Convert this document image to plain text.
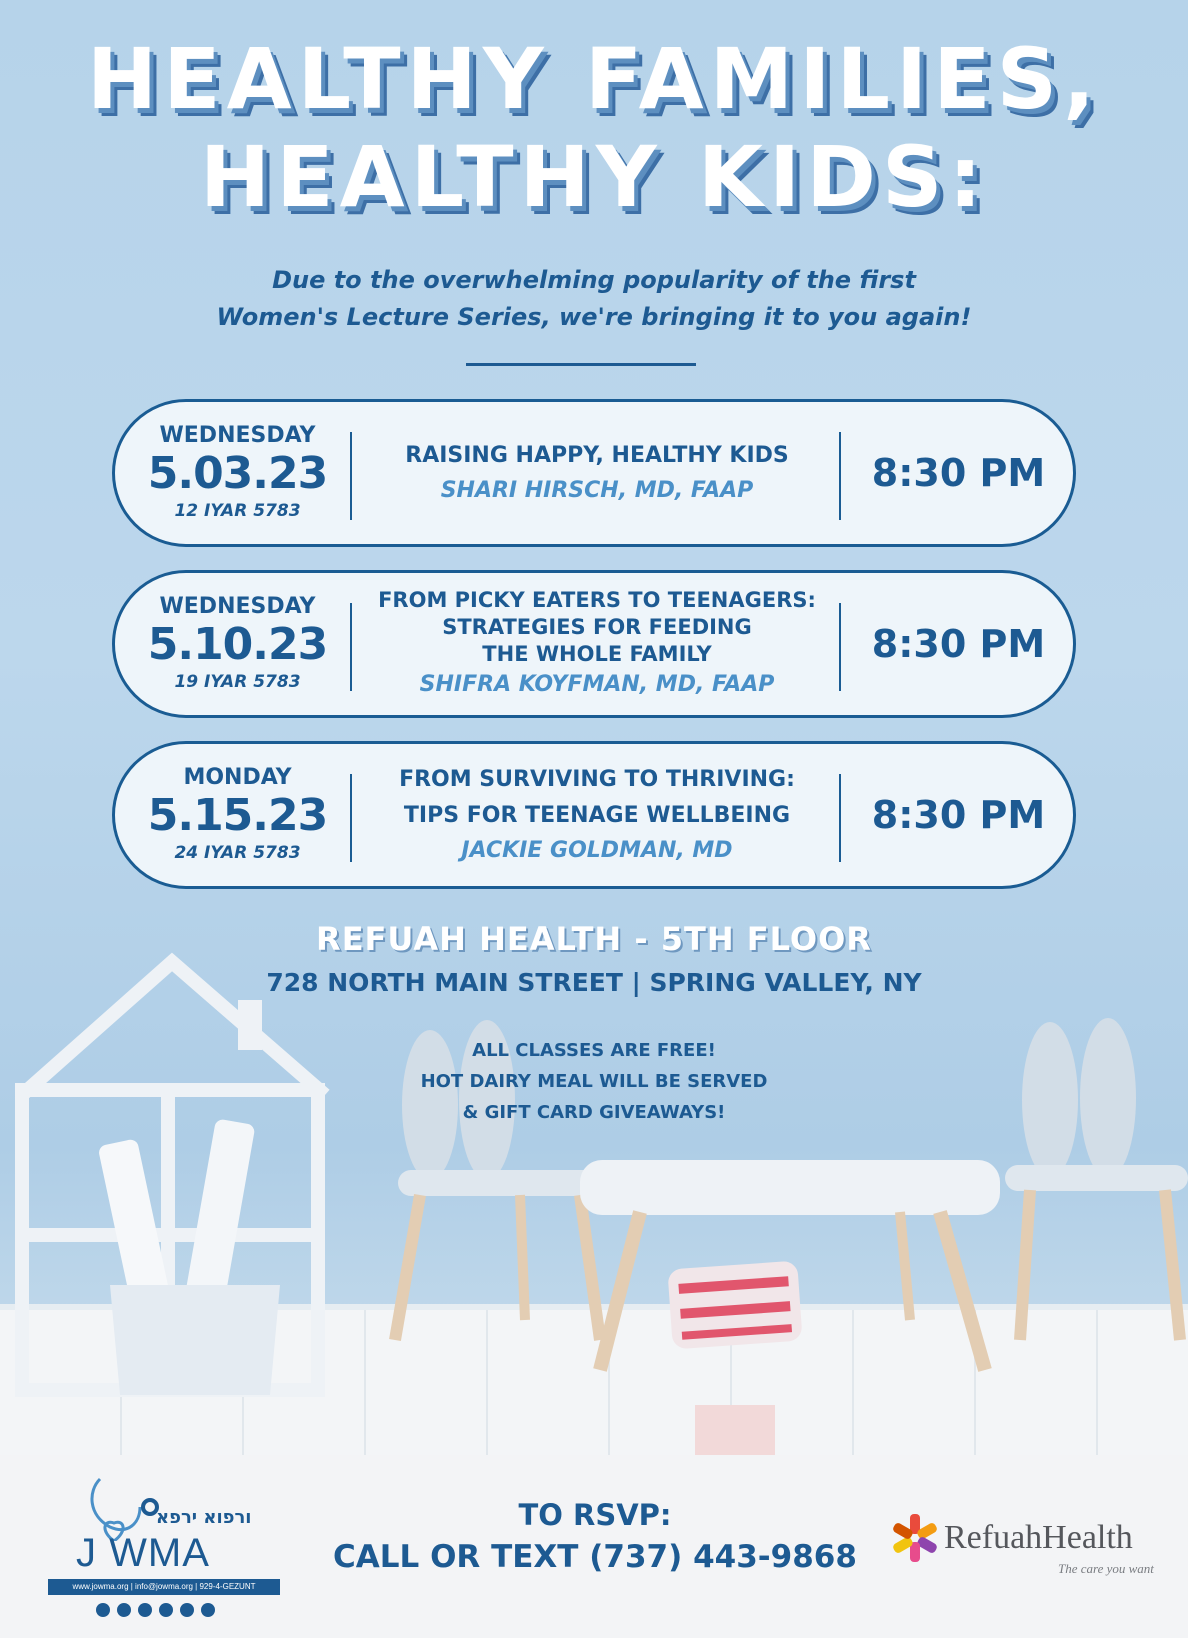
HEALTHY FAMILIES,
HEALTHY KIDS:
Due to the overwhelming popularity of the first
Women's Lecture Series, we're bringing it to you again!
WEDNESDAY
5.03.23
12 IYAR 5783
RAISING HAPPY, HEALTHY KIDS
SHARI HIRSCH, MD, FAAP	8:30 PM
WEDNESDAY
5.10.23
19 IYAR 5783
FROM PICKY EATERS TO TEENAGERS:
STRATEGIES FOR FEEDING
THE WHOLE FAMILY
SHIFRA KOYFMAN, MD, FAAP
8:30 PM
MONDAY
5.15.23
24 IYAR 5783
FROM SURVIVING TO THRIVING:
TIPS FOR TEENAGE WELLBEING
JACKIE GOLDMAN, MD
8:30 PM
REFUAH HEALTH - 5TH FLOOR
728 NORTH MAIN STREET | SPRING VALLEY, NY
ALL CLASSES ARE FREE!
HOT DAIRY MEAL WILL BE SERVED
& GIFT CARD GIVEAWAYS!
ורפוא ירפא
J WMA
www.jowma.org | info@jowma.org | 929-4-GEZUNT
TO RSVP:
CALL OR TEXT (737) 443-9868
RefuahHealth
The care you want
